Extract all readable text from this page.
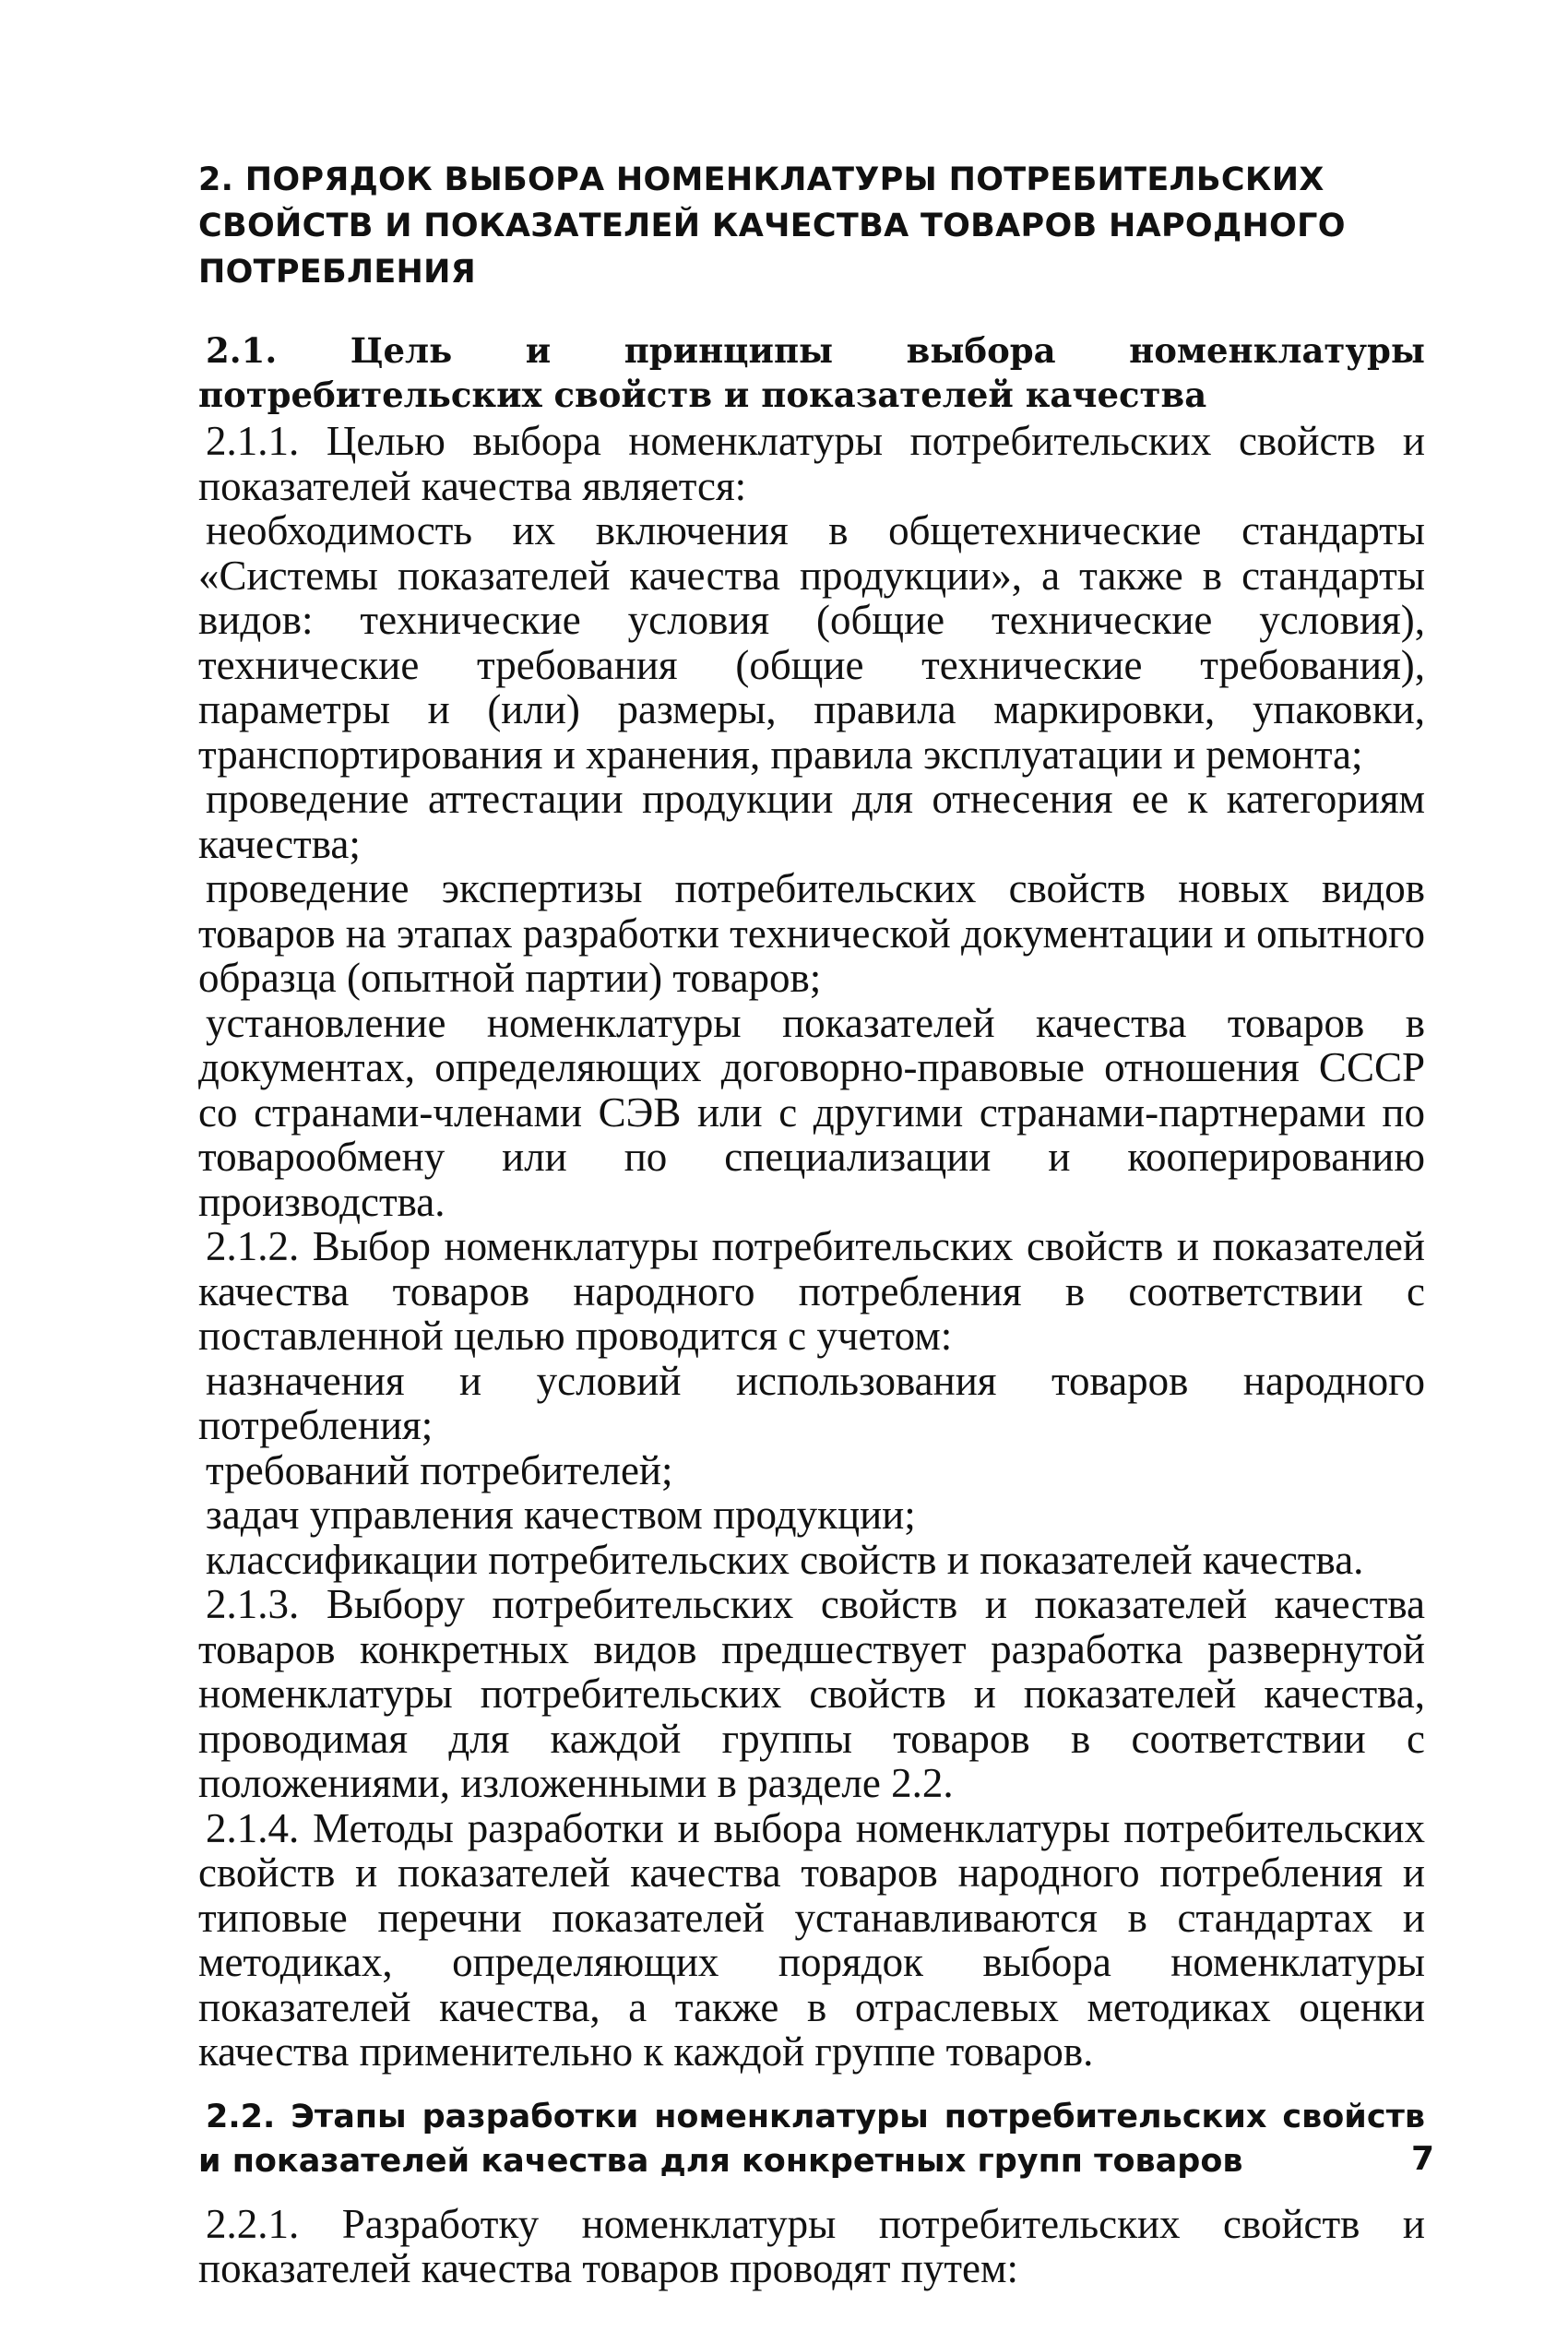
2. ПОРЯДОК ВЫБОРА НОМЕНКЛАТУРЫ ПОТРЕБИТЕЛЬСКИХ СВОЙСТВ И ПОКАЗАТЕЛЕЙ КАЧЕСТВА ТОВАРОВ НАРОДНОГО ПОТРЕБЛЕНИЯ
2.1. Цель и принципы выбора номенклатуры потребительских свойств и показателей качества

2.1.1. Целью выбора номенклатуры потребительских свойств и показателей качества является:

необходимость их включения в общетехнические стандарты «Системы показателей качества продукции», а также в стандарты видов: технические условия (общие технические условия), технические требования (общие технические требования), параметры и (или) размеры, правила маркировки, упаковки, транспортирования и хранения, правила эксплуатации и ремонта;

проведение аттестации продукции для отнесения ее к категориям качества;

проведение экспертизы потребительских свойств новых видов товаров на этапах разработки технической документации и опытного образца (опытной партии) товаров;

установление номенклатуры показателей качества товаров в документах, определяющих договорно-правовые отношения СССР со странами-членами СЭВ или с другими странами-партнерами по товарообмену или по специализации и кооперированию производства.

2.1.2. Выбор номенклатуры потребительских свойств и показателей качества товаров народного потребления в соответствии с поставленной целью проводится с учетом:

назначения и условий использования товаров народного потребления;

требований потребителей;

задач управления качеством продукции;

классификации потребительских свойств и показателей качества.

2.1.3. Выбору потребительских свойств и показателей качества товаров конкретных видов предшествует разработка развернутой номенклатуры потребительских свойств и показателей качества, проводимая для каждой группы товаров в соответствии с положениями, изложенными в разделе 2.2.

2.1.4. Методы разработки и выбора номенклатуры потребительских свойств и показателей качества товаров народного потребления и типовые перечни показателей устанавливаются в стандартах и методиках, определяющих порядок выбора номенклатуры показателей качества, а также в отраслевых методиках оценки качества применительно к каждой группе товаров.

2.2. Этапы разработки номенклатуры потребительских свойств и показателей качества для конкретных групп товаров

2.2.1. Разработку номенклатуры потребительских свойств и показателей качества товаров проводят путем:

7
